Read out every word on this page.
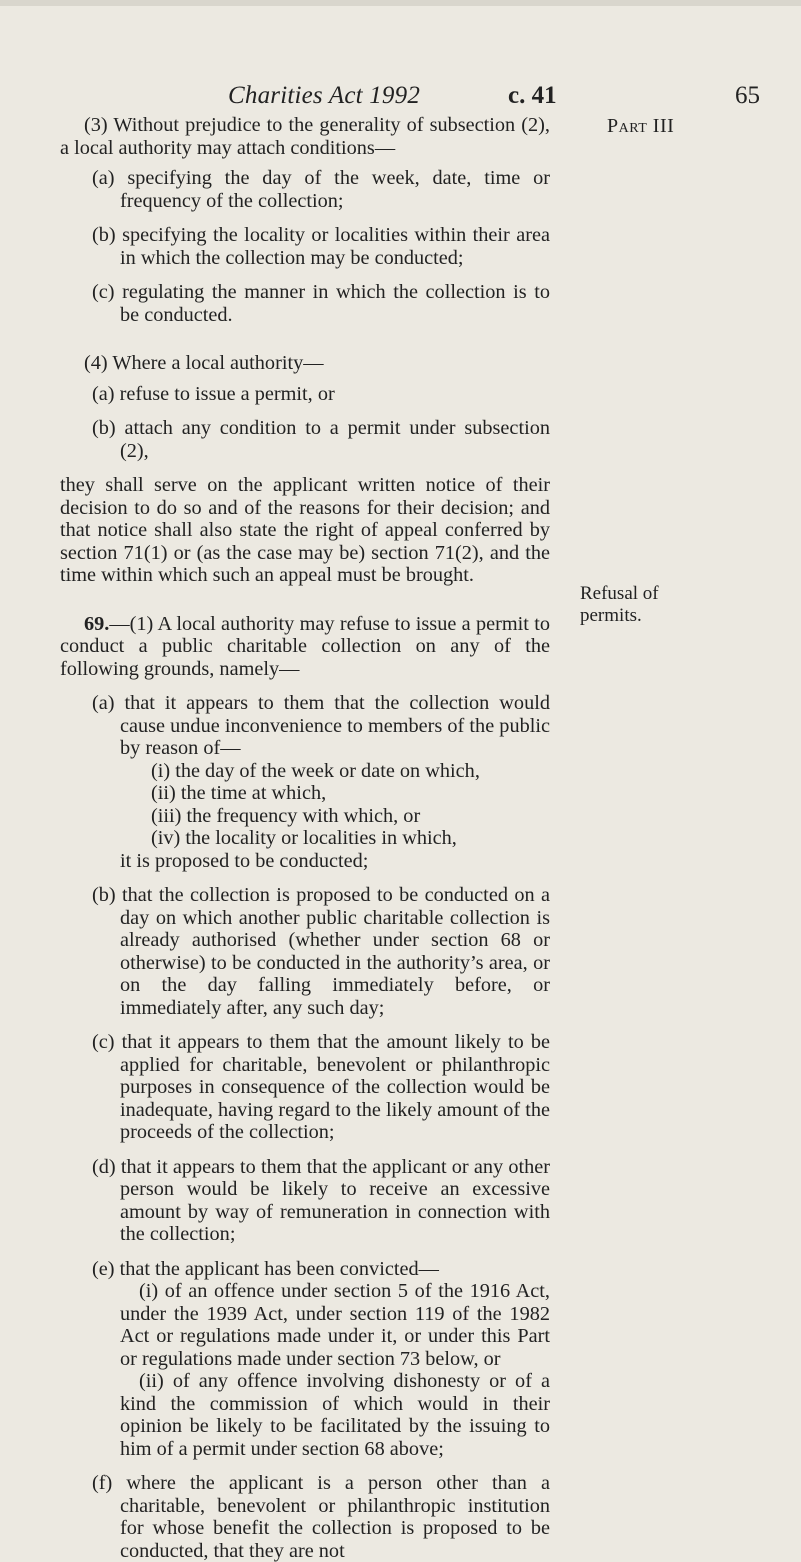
Charities Act 1992	c. 41	65
Part III
Refusal of permits.
(3) Without prejudice to the generality of subsection (2), a local authority may attach conditions—
(a) specifying the day of the week, date, time or frequency of the collection;
(b) specifying the locality or localities within their area in which the collection may be conducted;
(c) regulating the manner in which the collection is to be conducted.
(4) Where a local authority—
(a) refuse to issue a permit, or
(b) attach any condition to a permit under subsection (2),
they shall serve on the applicant written notice of their decision to do so and of the reasons for their decision; and that notice shall also state the right of appeal conferred by section 71(1) or (as the case may be) section 71(2), and the time within which such an appeal must be brought.
69.—(1) A local authority may refuse to issue a permit to conduct a public charitable collection on any of the following grounds, namely—
(a) that it appears to them that the collection would cause undue inconvenience to members of the public by reason of—
(i) the day of the week or date on which,
(ii) the time at which,
(iii) the frequency with which, or
(iv) the locality or localities in which,
it is proposed to be conducted;
(b) that the collection is proposed to be conducted on a day on which another public charitable collection is already authorised (whether under section 68 or otherwise) to be conducted in the authority’s area, or on the day falling immediately before, or immediately after, any such day;
(c) that it appears to them that the amount likely to be applied for charitable, benevolent or philanthropic purposes in consequence of the collection would be inadequate, having regard to the likely amount of the proceeds of the collection;
(d) that it appears to them that the applicant or any other person would be likely to receive an excessive amount by way of remuneration in connection with the collection;
(e) that the applicant has been convicted—
(i) of an offence under section 5 of the 1916 Act, under the 1939 Act, under section 119 of the 1982 Act or regulations made under it, or under this Part or regulations made under section 73 below, or
(ii) of any offence involving dishonesty or of a kind the commission of which would in their opinion be likely to be facilitated by the issuing to him of a permit under section 68 above;
(f) where the applicant is a person other than a charitable, benevolent or philanthropic institution for whose benefit the collection is proposed to be conducted, that they are not
